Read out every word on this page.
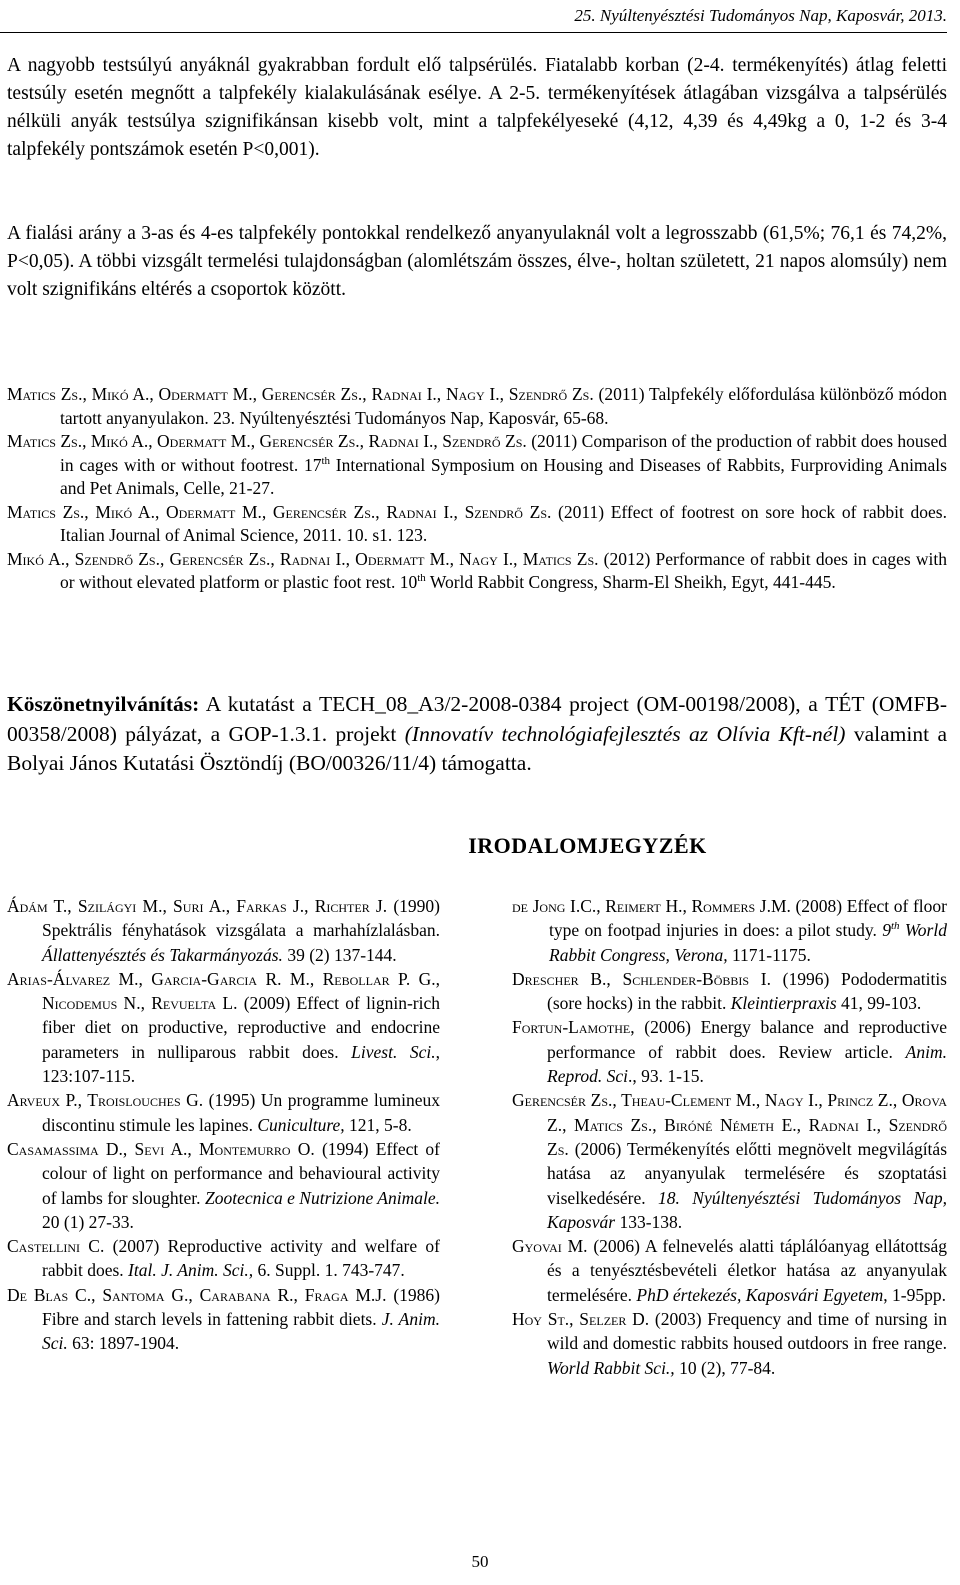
25. Nyúltenyésztési Tudományos Nap, Kaposvár, 2013.

A nagyobb testsúlyú anyáknál gyakrabban fordult elő talpsérülés. Fiatalabb korban (2-4. termékenyítés) átlag feletti testsúly esetén megnőtt a talpfekély kialakulásának esélye. A 2-5. termékenyítések átlagában vizsgálva a talpsérülés nélküli anyák testsúlya szignifikánsan kisebb volt, mint a talpfekélyeseké (4,12, 4,39 és 4,49kg a 0, 1-2 és 3-4 talpfekély pontszámok esetén P<0,001).

A fialási arány a 3-as és 4-es talpfekély pontokkal rendelkező anyanyulaknál volt a legrosszabb (61,5%; 76,1 és 74,2%, P<0,05). A többi vizsgált termelési tulajdonságban (alomlétszám összes, élve-, holtan született, 21 napos alomsúly) nem volt szignifikáns eltérés a csoportok között.

Matics Zs., Mikó A., Odermatt M., Gerencsér Zs., Radnai I., Nagy I., Szendrő Zs. (2011) Talpfekély előfordulása különböző módon tartott anyanyulakon. 23. Nyúltenyésztési Tudományos Nap, Kaposvár, 65-68.

Matics Zs., Mikó A., Odermatt M., Gerencsér Zs., Radnai I., Szendrő Zs. (2011) Comparison of the production of rabbit does housed in cages with or without footrest. 17th International Symposium on Housing and Diseases of Rabbits, Furproviding Animals and Pet Animals, Celle, 21-27.

Matics Zs., Mikó A., Odermatt M., Gerencsér Zs., Radnai I., Szendrő Zs. (2011) Effect of footrest on sore hock of rabbit does. Italian Journal of Animal Science, 2011. 10. s1. 123.

Mikó A., Szendrő Zs., Gerencsér Zs., Radnai I., Odermatt M., Nagy I., Matics Zs. (2012) Performance of rabbit does in cages with or without elevated platform or plastic foot rest. 10th World Rabbit Congress, Sharm-El Sheikh, Egyt, 441-445.

Köszönetnyilvánítás: A kutatást a TECH_08_A3/2-2008-0384 project (OM-00198/2008), a TÉT (OMFB-00358/2008) pályázat, a GOP-1.3.1. projekt (Innovatív technológiafejlesztés az Olívia Kft-nél) valamint a Bolyai János Kutatási Ösztöndíj (BO/00326/11/4) támogatta.
IRODALOMJEGYZÉK

Ádám T., Szilágyi M., Suri A., Farkas J., Richter J. (1990) Spektrális fényhatások vizsgálata a marhahízlalásban. Állattenyésztés és Takarmányozás. 39 (2) 137-144.

Arias-Álvarez M., Garcia-Garcia R. M., Rebollar P. G., Nicodemus N., Revuelta L. (2009) Effect of lignin-rich fiber diet on productive, reproductive and endocrine parameters in nulliparous rabbit does. Livest. Sci., 123:107-115.

Arveux P., Troislouches G. (1995) Un programme lumineux discontinu stimule les lapines. Cuniculture, 121, 5-8.

Casamassima D., Sevi A., Montemurro O. (1994) Effect of colour of light on performance and behavioural activity of lambs for sloughter. Zootecnica e Nutrizione Animale. 20 (1) 27-33.

Castellini C. (2007) Reproductive activity and welfare of rabbit does. Ital. J. Anim. Sci., 6. Suppl. 1. 743-747.

De Blas C., Santoma G., Carabana R., Fraga M.J. (1986) Fibre and starch levels in fattening rabbit diets. J. Anim. Sci. 63: 1897-1904.

de Jong I.C., Reimert H., Rommers J.M. (2008) Effect of floor type on footpad injuries in does: a pilot study. 9th World Rabbit Congress, Verona, 1171-1175.

Drescher B., Schlender-Böbbis I. (1996) Pododermatitis (sore hocks) in the rabbit. Kleintierpraxis 41, 99-103.

Fortun-Lamothe, (2006) Energy balance and reproductive performance of rabbit does. Review article. Anim. Reprod. Sci., 93. 1-15.

Gerencsér Zs., Theau-Clement M., Nagy I., Princz Z., Orova Z., Matics Zs., Biróné Németh E., Radnai I., Szendrő Zs. (2006) Termékenyítés előtti megnövelt megvilágítás hatása az anyanyulak termelésére és szoptatási viselkedésére. 18. Nyúltenyésztési Tudományos Nap, Kaposvár 133-138.

Gyovai M. (2006) A felnevelés alatti táplálóanyag ellátottság és a tenyésztésbevételi életkor hatása az anyanyulak termelésére. PhD értekezés, Kaposvári Egyetem, 1-95pp.

Hoy St., Selzer D. (2003) Frequency and time of nursing in wild and domestic rabbits housed outdoors in free range. World Rabbit Sci., 10 (2), 77-84.

50
